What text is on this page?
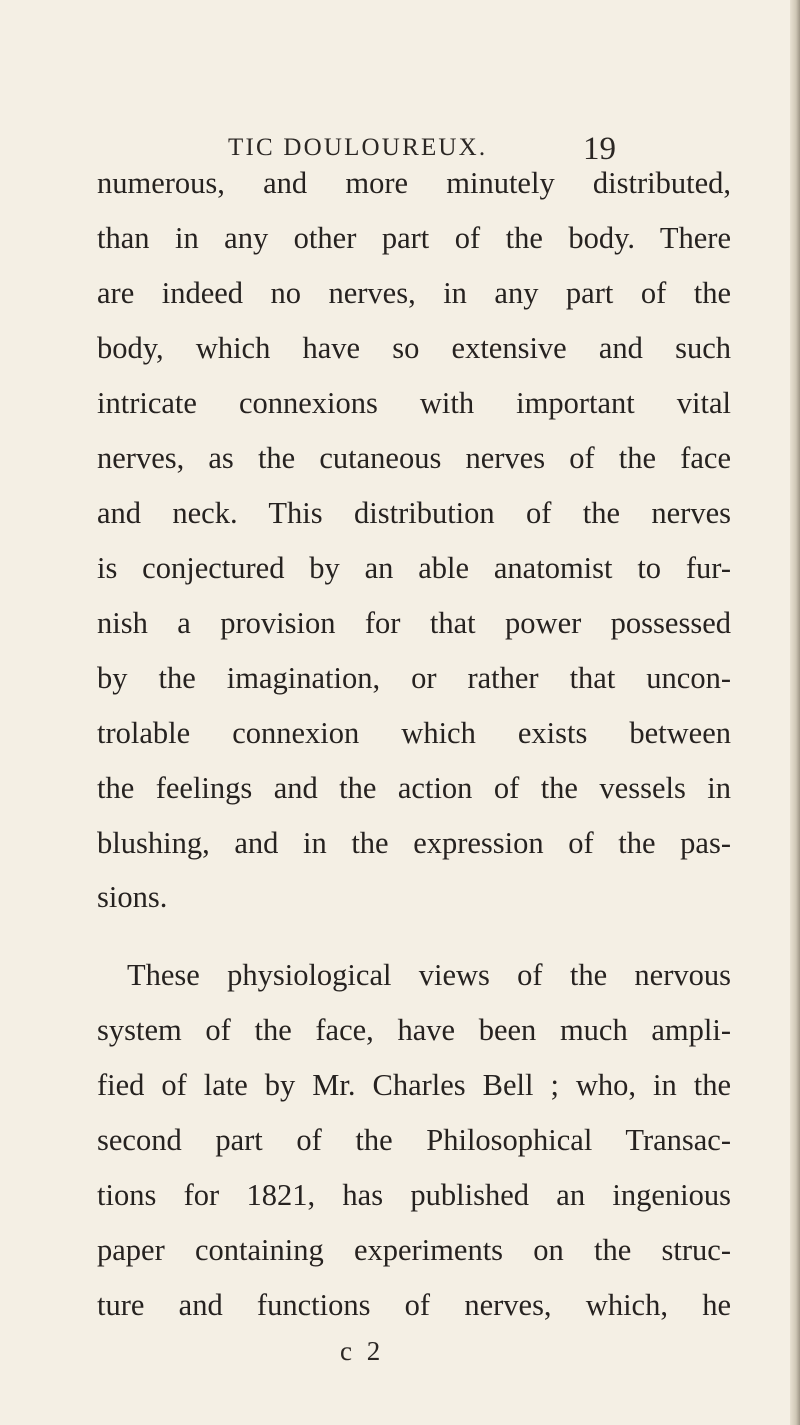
TIC DOULOUREUX.	19
numerous, and more minutely distributed,
than in any other part of the body. There
are indeed no nerves, in any part of the
body, which have so extensive and such
intricate connexions with important vital
nerves, as the cutaneous nerves of the face
and neck. This distribution of the nerves
is conjectured by an able anatomist to fur-
nish a provision for that power possessed
by the imagination, or rather that uncon-
trolable connexion which exists between
the feelings and the action of the vessels in
blushing, and in the expression of the pas-
sions.
These physiological views of the nervous
system of the face, have been much ampli-
fied of late by Mr. Charles Bell ; who, in the
second part of the Philosophical Transac-
tions for 1821, has published an ingenious
paper containing experiments on the struc-
ture and functions of nerves, which, he
c 2
